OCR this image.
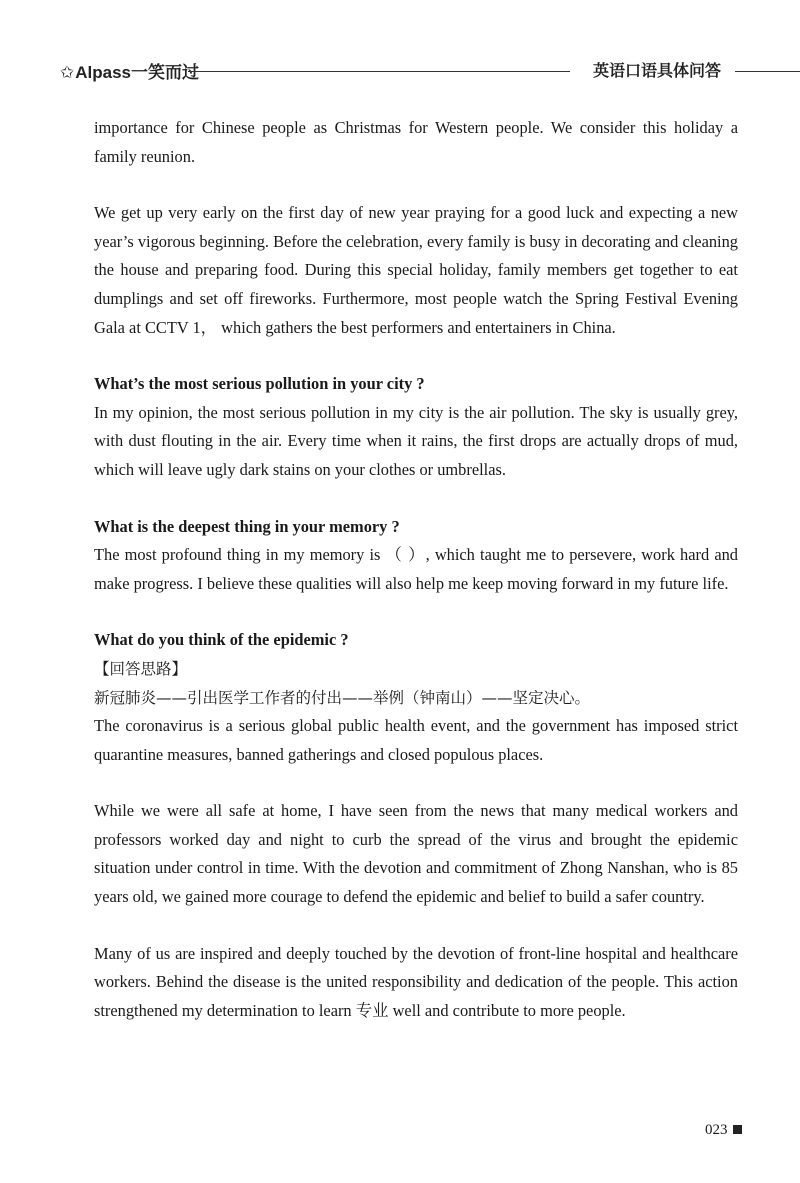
✩Alpass一笑而过	英语口语具体问答

importance for Chinese people as Christmas for Western people. We consider this holiday a family reunion.

We get up very early on the first day of new year praying for a good luck and expecting a new year’s vigorous beginning. Before the celebration, every family is busy in decorating and cleaning the house and preparing food. During this special holiday, family members get together to eat dumplings and set off fireworks. Furthermore, most people watch the Spring Festival Evening Gala at CCTV 1， which gathers the best performers and entertainers in China.

What’s the most serious pollution in your city ?

In my opinion, the most serious pollution in my city is the air pollution. The sky is usually grey, with dust flouting in the air. Every time when it rains, the first drops are actually drops of mud, which will leave ugly dark stains on your clothes or umbrellas.

What is the deepest thing in your memory ?

The most profound thing in my memory is （ ）, which taught me to persevere, work hard and make progress. I believe these qualities will also help me keep moving forward in my future life.

What do you think of the epidemic ?

【回答思路】

新冠肺炎——引出医学工作者的付出——举例（钟南山）——坚定决心。

The coronavirus is a serious global public health event, and the government has imposed strict quarantine measures, banned gatherings and closed populous places.

While we were all safe at home, I have seen from the news that many medical workers and professors worked day and night to curb the spread of the virus and brought the epidemic situation under control in time. With the devotion and commitment of Zhong Nanshan, who is 85 years old, we gained more courage to defend the epidemic and belief to build a safer country.

Many of us are inspired and deeply touched by the devotion of front-line hospital and healthcare workers. Behind the disease is the united responsibility and dedication of the people. This action strengthened my determination to learn 专业 well and contribute to more people.

023
